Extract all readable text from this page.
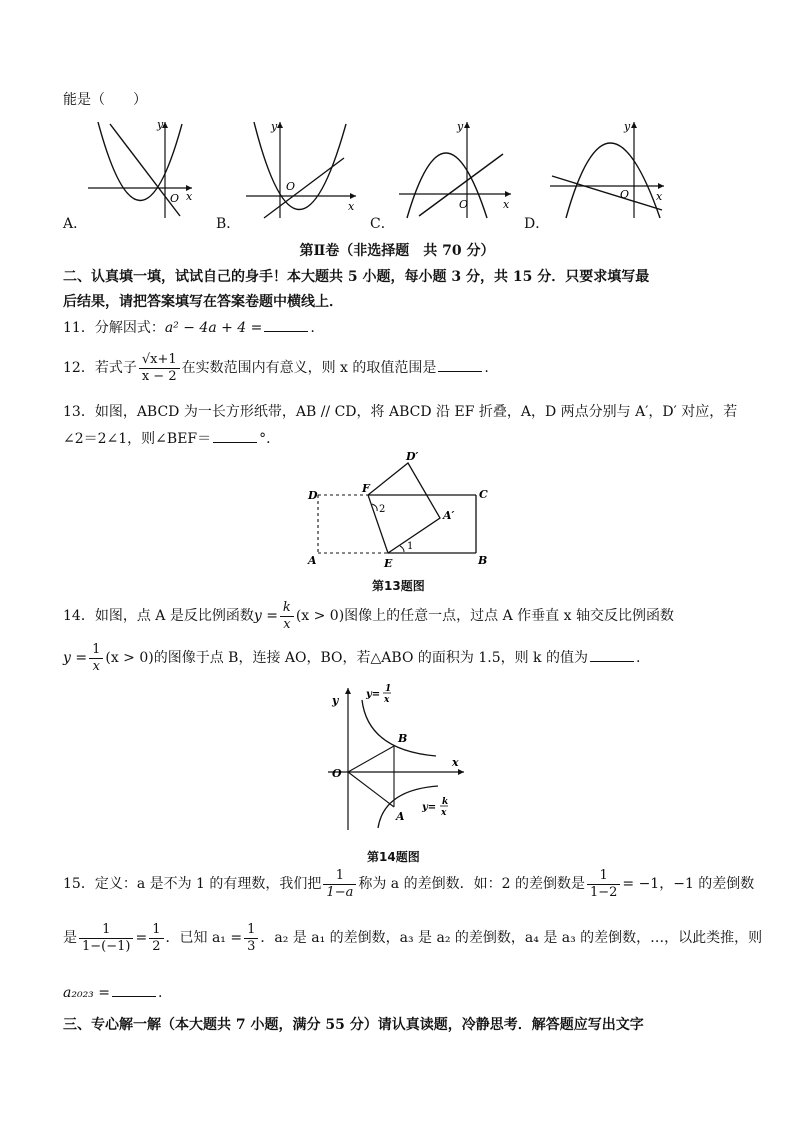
能是（　　）
y
x
O
A．
y
x
O
B．
y
x
O
C．
y
x
O
D．
第Ⅱ卷（非选择题　共 70 分）
二、认真填一填，试试自己的身手！本大题共 5 小题，每小题 3 分，共 15 分．只要求填写最
后结果，请把答案填写在答案卷题中横线上．
11．分解因式：a² − 4a + 4 =	.
12．若式子 $\frac{√x+1}{x - 2}$ 在实数范围内有意义，则 x 的取值范围是	.
13．如图，ABCD 为一长方形纸带，AB // CD，将 ABCD 沿 EF 折叠，A，D 两点分别与 A′，D′ 对应，若
∠2＝2∠1，则∠BEF＝	°．
D′
D
F	C
A′
A	E	B
1
2
第13题图
14．如图，点 A 是反比例函数$y = \frac{k}{x} (x > 0)$图像上的任意一点，过点 A 作垂直 x 轴交反比例函数
$y = \frac{1}{x} (x > 0)$的图像于点 B，连接 AO，BO，若△ABO 的面积为 1.5，则 k 的值为	.
y
x
O
A
B
y= 1
x
y= k
x
第14题图
15．定义：a 是不为 1 的有理数，我们把 $\frac{1}{1-a}$ 称为 a 的差倒数．如：2 的差倒数是 $\frac{1}{1-2} = -1$，−1 的差倒数
是 $\frac{1}{1-(-1)} = \frac{1}{2}$ ．已知 $a_1 = \frac{1}{3}$ ．a₂ 是 a₁ 的差倒数，a₃ 是 a₂ 的差倒数，a₄ 是 a₃ 的差倒数，…，以此类推，则
a₂₀₂₃ =	.
三、专心解一解（本大题共 7 小题，满分 55 分）请认真读题，冷静思考．解答题应写出文字
